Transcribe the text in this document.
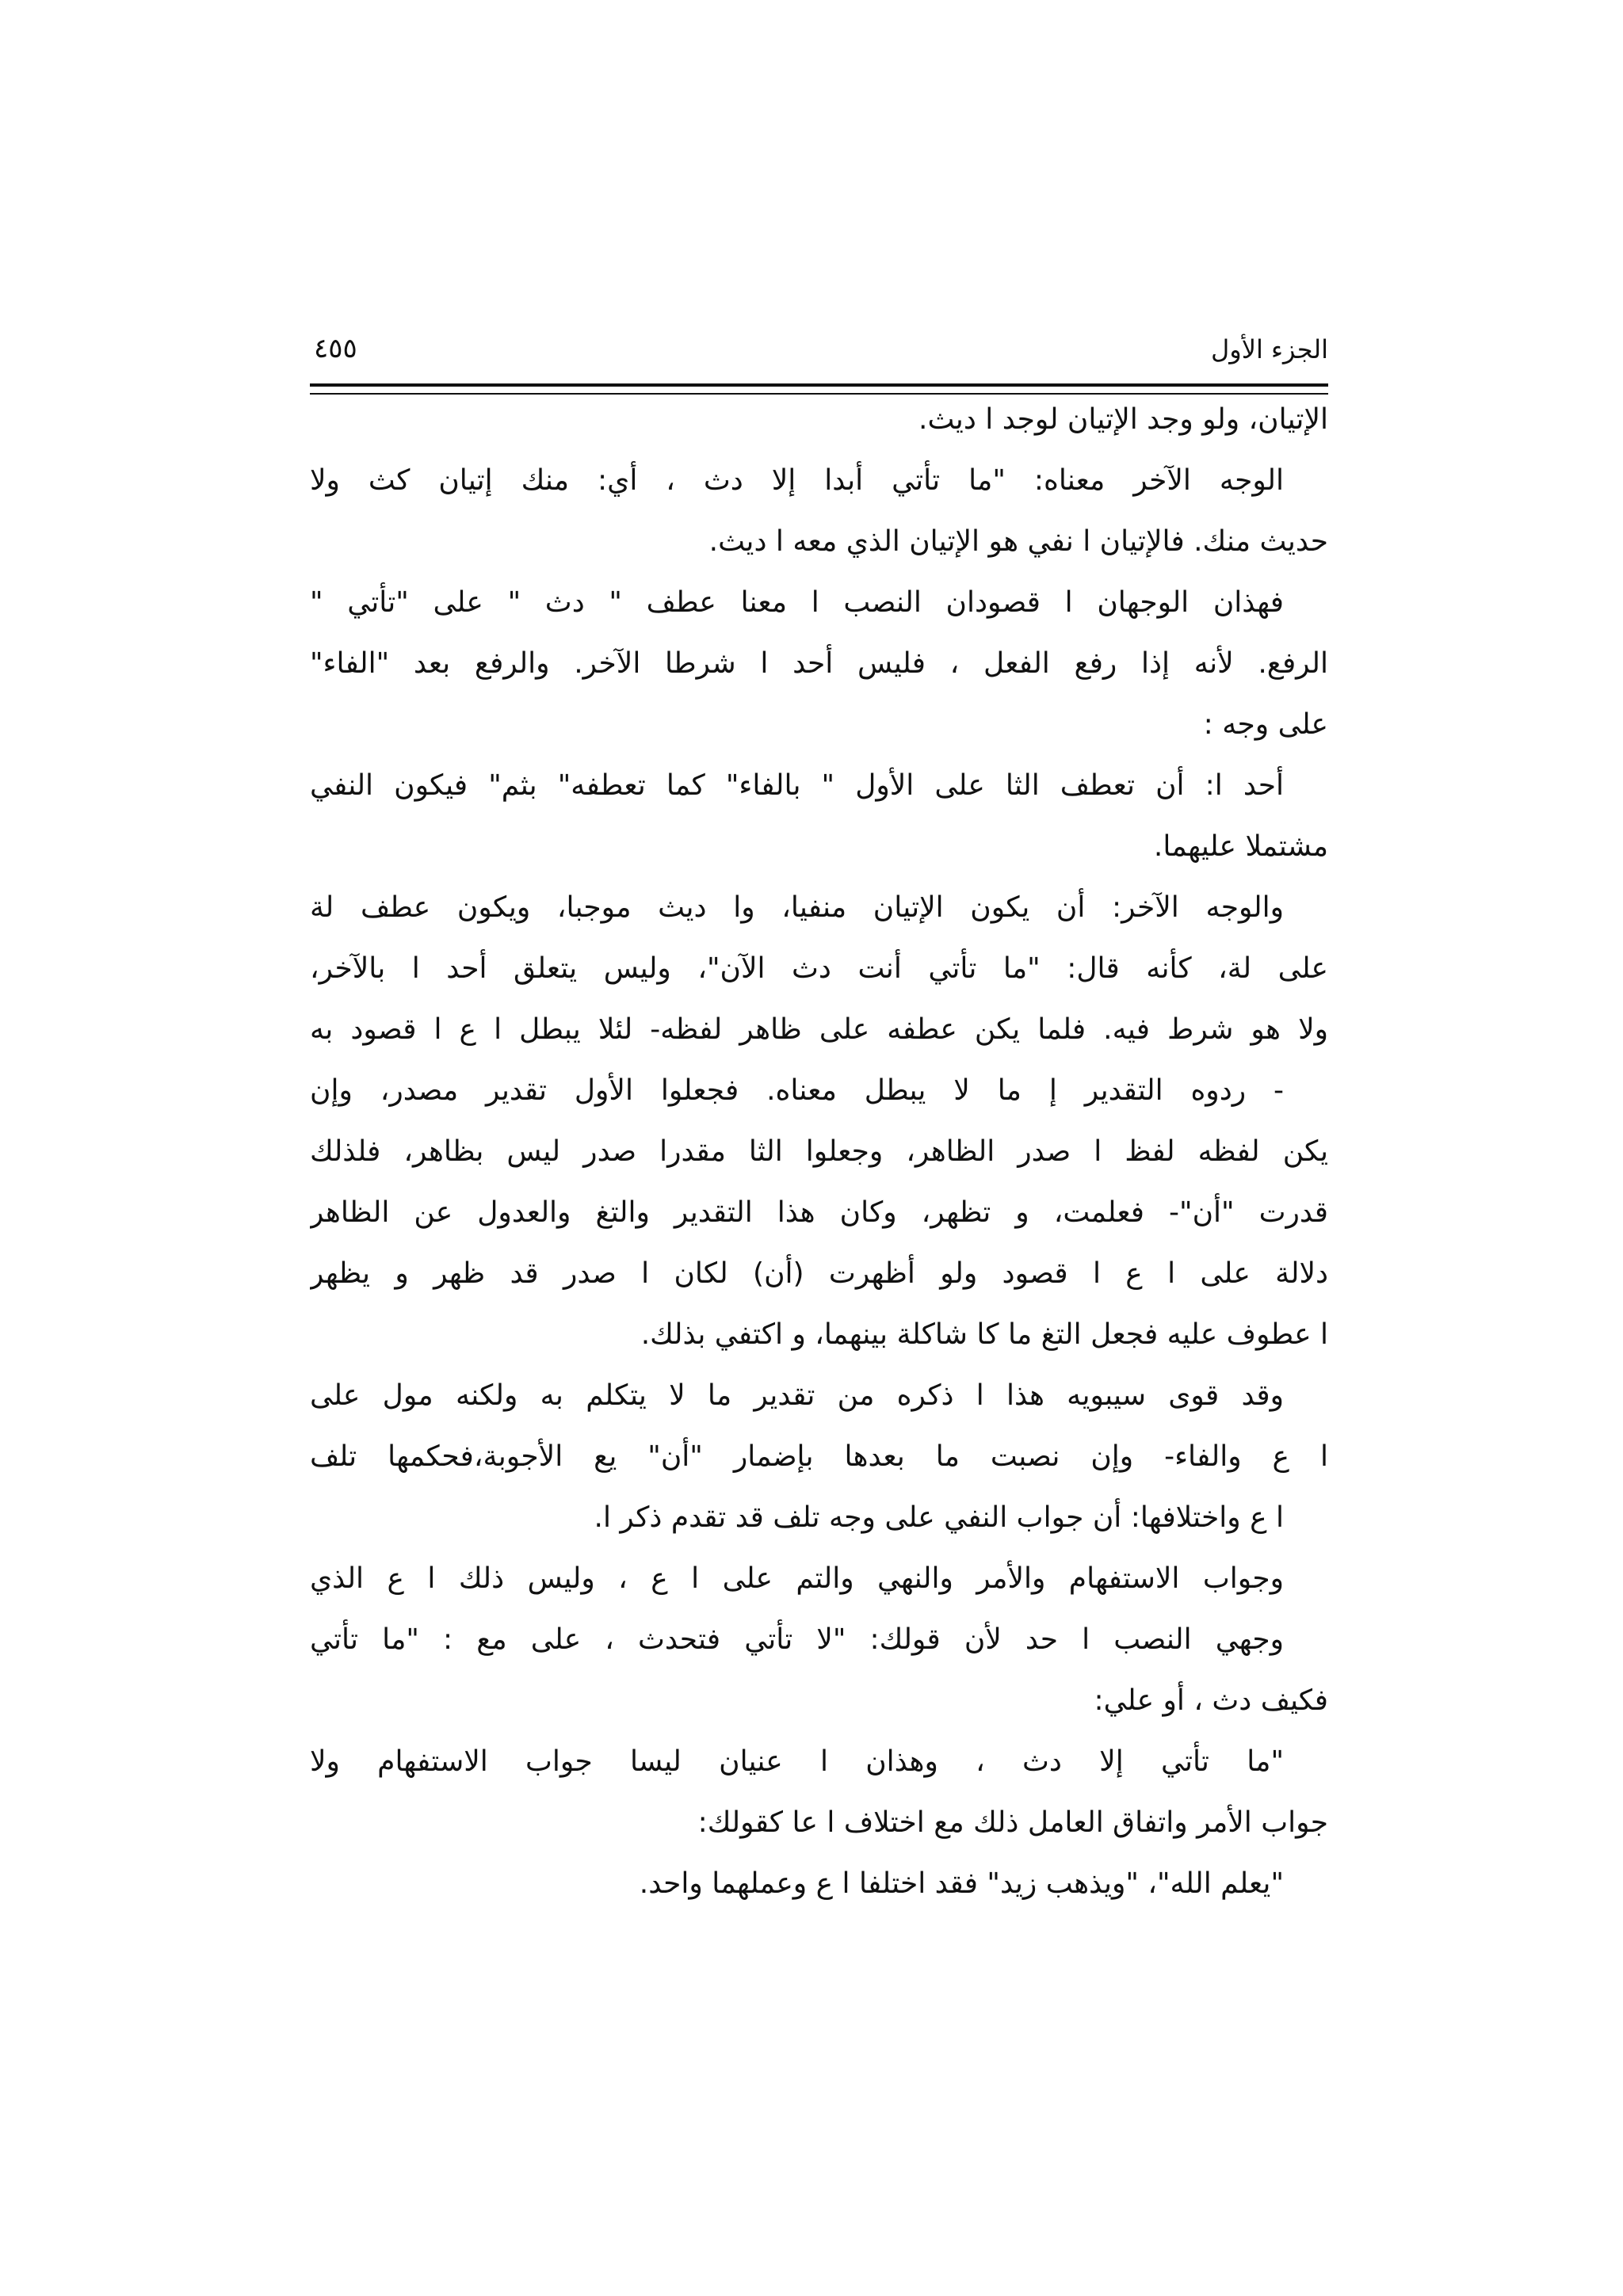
الجزء الأول
٤٥٥
الإتيان، ولو وجد الإتيان لوجد ا ديث.
الوجه الآخر معناه: "ما تأتي أبدا إلا دث ، أي: منك إتيان كث ولا
حديث منك. فالإتيان ا نفي هو الإتيان الذي معه ا ديث.
فهذان الوجهان ا قصودان النصب ا معنا عطف " دث " على "تأتي "
الرفع. لأنه إذا رفع الفعل ، فليس أحد ا شرطا الآخر. والرفع بعد "الفاء"
على وجه :
أحد ا: أن تعطف الثا على الأول " بالفاء" كما تعطفه" بثم" فيكون النفي
مشتملا عليهما.
والوجه الآخر: أن يكون الإتيان منفيا، وا ديث موجبا، ويكون عطف لة
على لة، كأنه قال: "ما تأتي أنت دث الآن"، وليس يتعلق أحد ا بالآخر،
ولا هو شرط فيه. فلما يكن عطفه على ظاهر لفظه- لئلا يبطل ا ع ا قصود به
- ردوه التقدير إ ما لا يبطل معناه. فجعلوا الأول تقدير مصدر، وإن
يكن لفظه لفظ ا صدر الظاهر، وجعلوا الثا مقدرا صدر ليس بظاهر، فلذلك
قدرت "أن"- فعلمت، و تظهر، وكان هذا التقدير والتغ والعدول عن الظاهر
دلالة على ا ع ا قصود ولو أظهرت (أن) لكان ا صدر قد ظهر و يظهر
ا عطوف عليه فجعل التغ ما كا شاكلة بينهما، و اكتفي بذلك.
وقد قوى سيبويه هذا ا ذكره من تقدير ما لا يتكلم به ولكنه مول على
ا ع والفاء- وإن نصبت ما بعدها بإضمار "أن" يع الأجوبة،فحكمها تلف
ا ع واختلافها: أن جواب النفي على وجه تلف قد تقدم ذكر ا.
وجواب الاستفهام والأمر والنهي والتم على ا ع ، وليس ذلك ا ع الذي
وجهي النصب ا حد لأن قولك: "لا تأتي فتحدث ، على مع : "ما تأتي
فكيف دث ، أو علي:
"ما تأتي إلا دث ، وهذان ا عنيان ليسا جواب الاستفهام ولا
جواب الأمر واتفاق العامل ذلك مع اختلاف ا عا كقولك:
"يعلم الله"، "ويذهب زيد" فقد اختلفا ا ع وعملهما واحد.
